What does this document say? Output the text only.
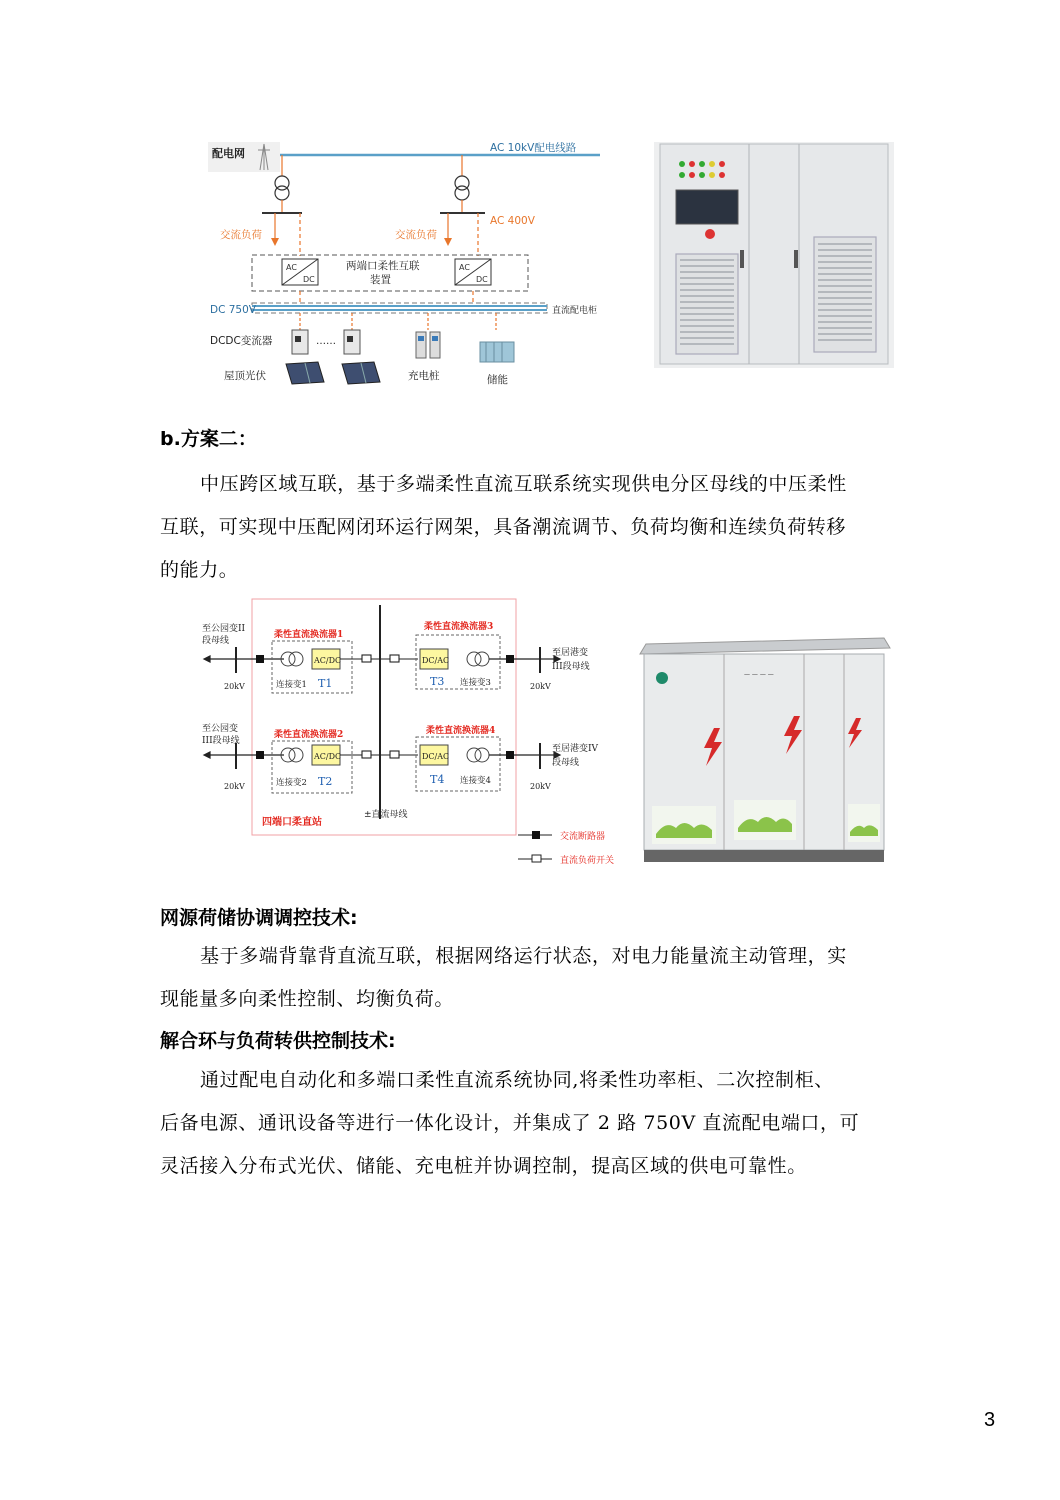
配电网	AC 10kV配电线路
交流负荷	交流负荷
AC 400V
AC
DC
AC
DC
两端口柔性互联
装置
DC 750V	直流配电柜
DCDC变流器	……
屋顶光伏	充电桩	储能
b.方案二：

中压跨区域互联，基于多端柔性直流互联系统实现供电分区母线的中压柔性

互联，可实现中压配网闭环运行网架，具备潮流调节、负荷均衡和连续负荷转移

的能力。

至公园变II
段母线
至公园变
III段母线
20kV
20kV
柔性直流换流器1
AC/DC
连接变1 T1
柔性直流换流器2
AC/DC
连接变2 T2
柔性直流换流器3
DC/AC
T3 连接变3
柔性直流换流器4
DC/AC
T4 连接变4
至居港变
III段母线
至居港变IV
段母线
20kV
20kV
四端口柔直站
±直流母线
交流断路器
直流负荷开关
— — — —
网源荷储协调调控技术:

基于多端背靠背直流互联，根据网络运行状态，对电力能量流主动管理，实

现能量多向柔性控制、均衡负荷。

解合环与负荷转供控制技术:

通过配电自动化和多端口柔性直流系统协同,将柔性功率柜、二次控制柜、

后备电源、通讯设备等进行一体化设计，并集成了 2 路 750V 直流配电端口，可

灵活接入分布式光伏、储能、充电桩并协调控制，提高区域的供电可靠性。

3
